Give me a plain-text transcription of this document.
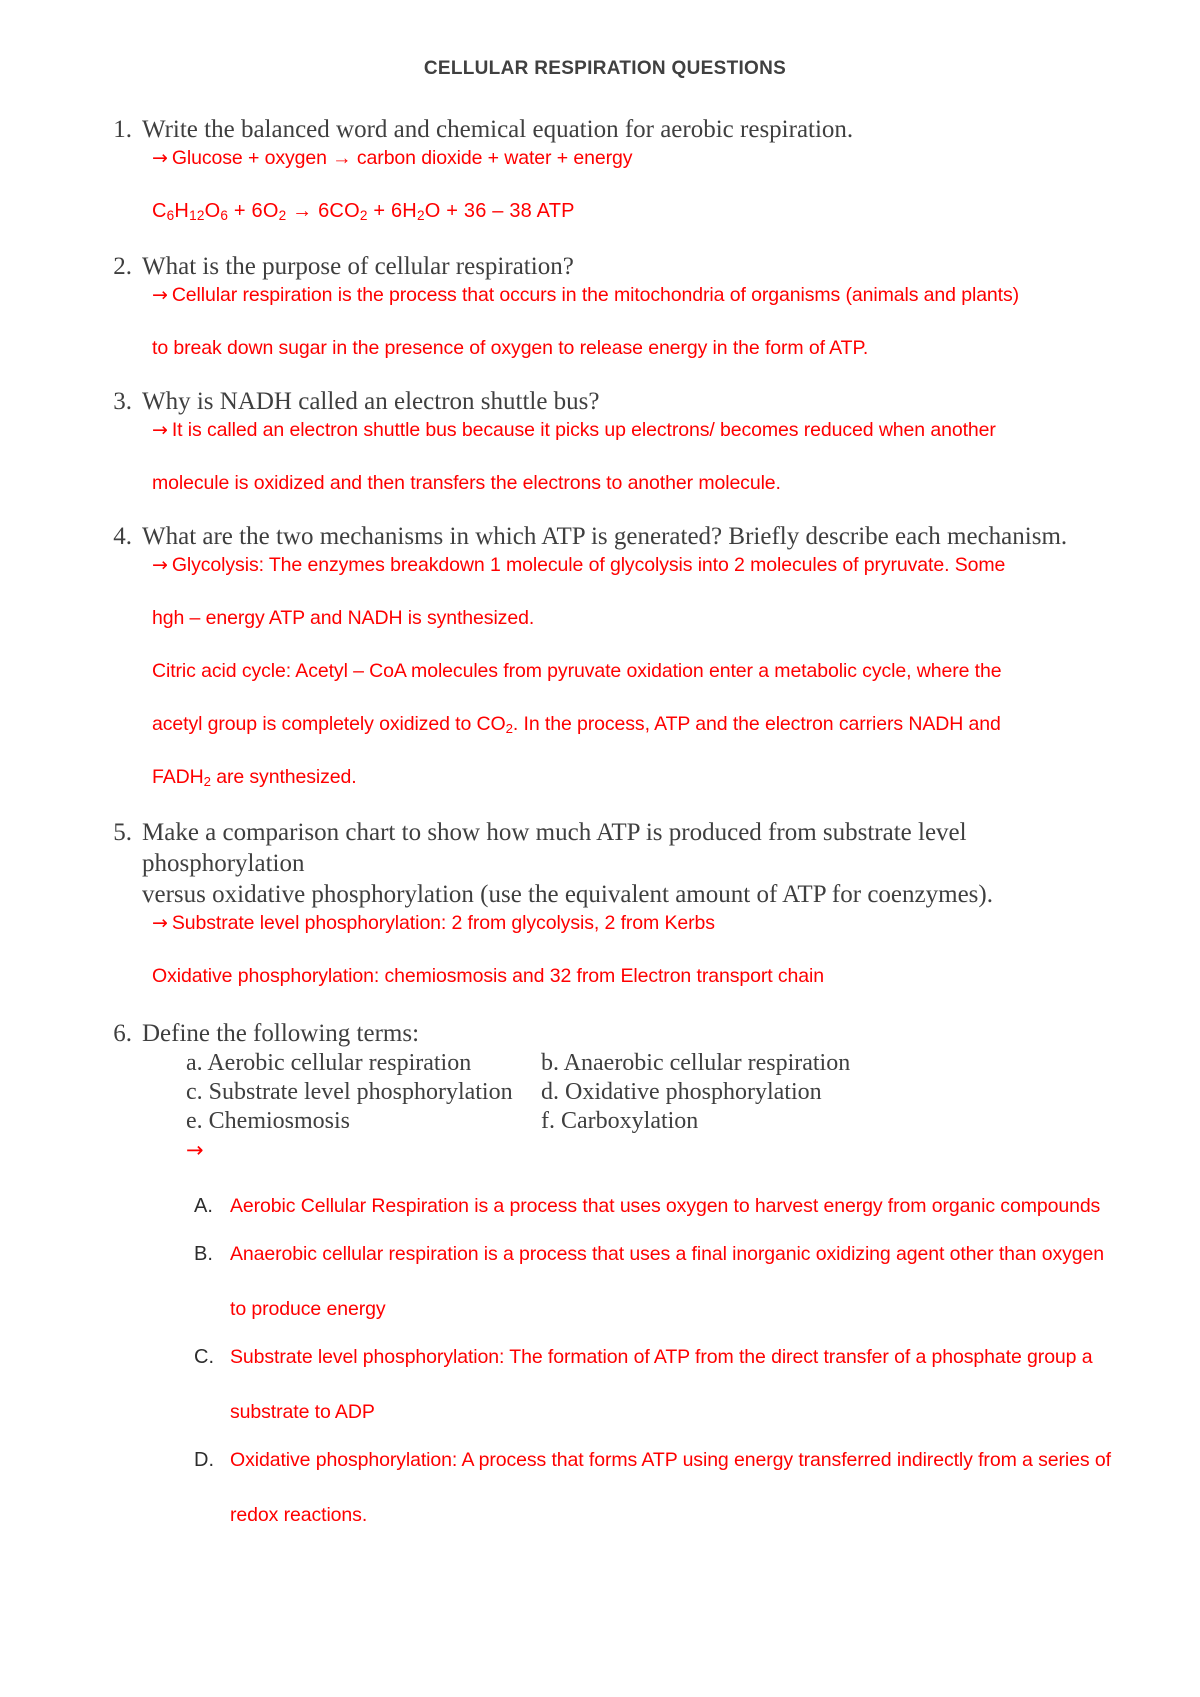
CELLULAR RESPIRATION QUESTIONS
1. Write the balanced word and chemical equation for aerobic respiration.

→ Glucose + oxygen → carbon dioxide + water + energy

$C_6H_{12}O_6 + 6O_2 \to 6CO_2 + 6H_2O + 36 - 38$ ATP

2. What is the purpose of cellular respiration?

→ Cellular respiration is the process that occurs in the mitochondria of organisms (animals and plants)

to break down sugar in the presence of oxygen to release energy in the form of ATP.

3. Why is NADH called an electron shuttle bus?

→ It is called an electron shuttle bus because it picks up electrons/ becomes reduced when another

molecule is oxidized and then transfers the electrons to another molecule.

4. What are the two mechanisms in which ATP is generated? Briefly describe each mechanism.

→ Glycolysis: The enzymes breakdown 1 molecule of glycolysis into 2 molecules of pryruvate. Some

hgh – energy ATP and NADH is synthesized.

Citric acid cycle: Acetyl – CoA molecules from pyruvate oxidation enter a metabolic cycle, where the

acetyl group is completely oxidized to $CO_2$. In the process, ATP and the electron carriers NADH and

$FADH_2$ are synthesized.

5. Make a comparison chart to show how much ATP is produced from substrate level phosphorylation

versus oxidative phosphorylation (use the equivalent amount of ATP for coenzymes).

→ Substrate level phosphorylation: 2 from glycolysis, 2 from Kerbs

Oxidative phosphorylation: chemiosmosis and 32 from Electron transport chain

6. Define the following terms:

a. Aerobic cellular respiration	b. Anaerobic cellular respiration
c. Substrate level phosphorylation	d. Oxidative phosphorylation
e. Chemiosmosis	f. Carboxylation

→

A. Aerobic Cellular Respiration is a process that uses oxygen to harvest energy from organic compounds

B. Anaerobic cellular respiration is a process that uses a final inorganic oxidizing agent other than oxygen

to produce energy

C. Substrate level phosphorylation: The formation of ATP from the direct transfer of a phosphate group a

substrate to ADP

D. Oxidative phosphorylation: A process that forms ATP using energy transferred indirectly from a series of

redox reactions.
